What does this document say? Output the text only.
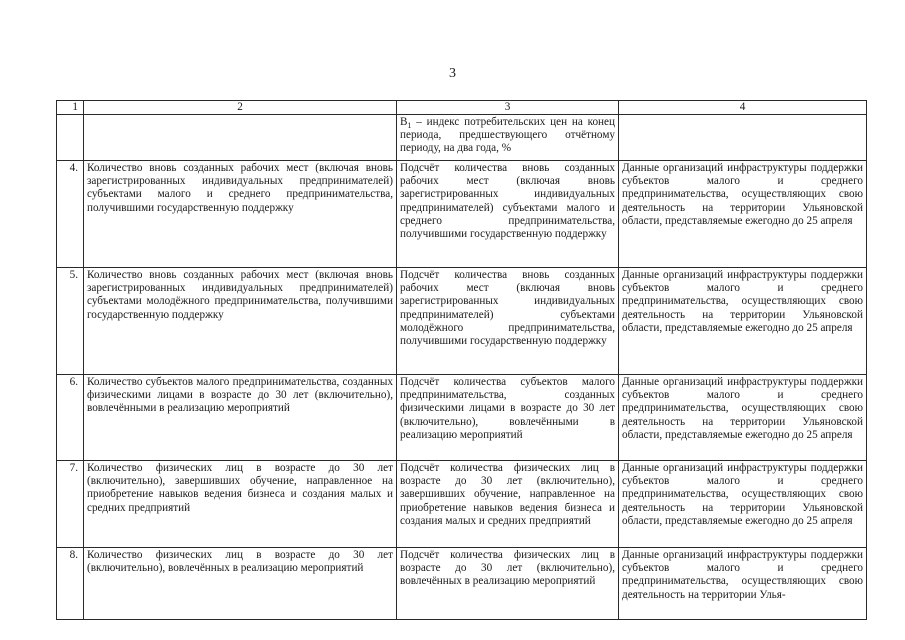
3
1	2	3	4
		$В_1$ – индекс потребительских цен на конец периода, предшествующего отчётному периоду, на два года, %	
4.	Количество вновь созданных рабочих мест (включая вновь зарегистрированных индивидуальных предпринимателей) субъектами малого и среднего предпринимательства, получившими государственную поддержку	Подсчёт количества вновь созданных рабочих мест (включая вновь зарегистрированных индивидуальных предпринимателей) субъектами малого и среднего предпринимательства, получившими государственную поддержку	Данные организаций инфраструктуры поддержки субъектов малого и среднего предпринимательства, осуществляющих свою деятельность на территории Ульяновской области, представляемые ежегодно до 25 апреля
5.	Количество вновь созданных рабочих мест (включая вновь зарегистрированных индивидуальных предпринимателей) субъектами молодёжного предпринимательства, получившими государственную поддержку	Подсчёт количества вновь созданных рабочих мест (включая вновь зарегистрированных индивидуальных предпринимателей) субъектами молодёжного предпринимательства, получившими государственную поддержку	Данные организаций инфраструктуры поддержки субъектов малого и среднего предпринимательства, осуществляющих свою деятельность на территории Ульяновской области, представляемые ежегодно до 25 апреля
6.	Количество субъектов малого предпринимательства, созданных физическими лицами в возрасте до 30 лет (включительно), вовлечёнными в реализацию мероприятий	Подсчёт количества субъектов малого предпринимательства, созданных физическими лицами в возрасте до 30 лет (включительно), вовлечёнными в реализацию мероприятий	Данные организаций инфраструктуры поддержки субъектов малого и среднего предпринимательства, осуществляющих свою деятельность на территории Ульяновской области, представляемые ежегодно до 25 апреля
7.	Количество физических лиц в возрасте до 30 лет (включительно), завершивших обучение, направленное на приобретение навыков ведения бизнеса и создания малых и средних предприятий	Подсчёт количества физических лиц в возрасте до 30 лет (включительно), завершивших обучение, направленное на приобретение навыков ведения бизнеса и создания малых и средних предприятий	Данные организаций инфраструктуры поддержки субъектов малого и среднего предпринимательства, осуществляющих свою деятельность на территории Ульяновской области, представляемые ежегодно до 25 апреля
8.	Количество физических лиц в возрасте до 30 лет (включительно), вовлечённых в реализацию мероприятий	Подсчёт количества физических лиц в возрасте до 30 лет (включительно), вовлечённых в реализацию мероприятий	Данные организаций инфраструктуры поддержки субъектов малого и среднего предпринимательства, осуществляющих свою деятельность на территории Улья-
